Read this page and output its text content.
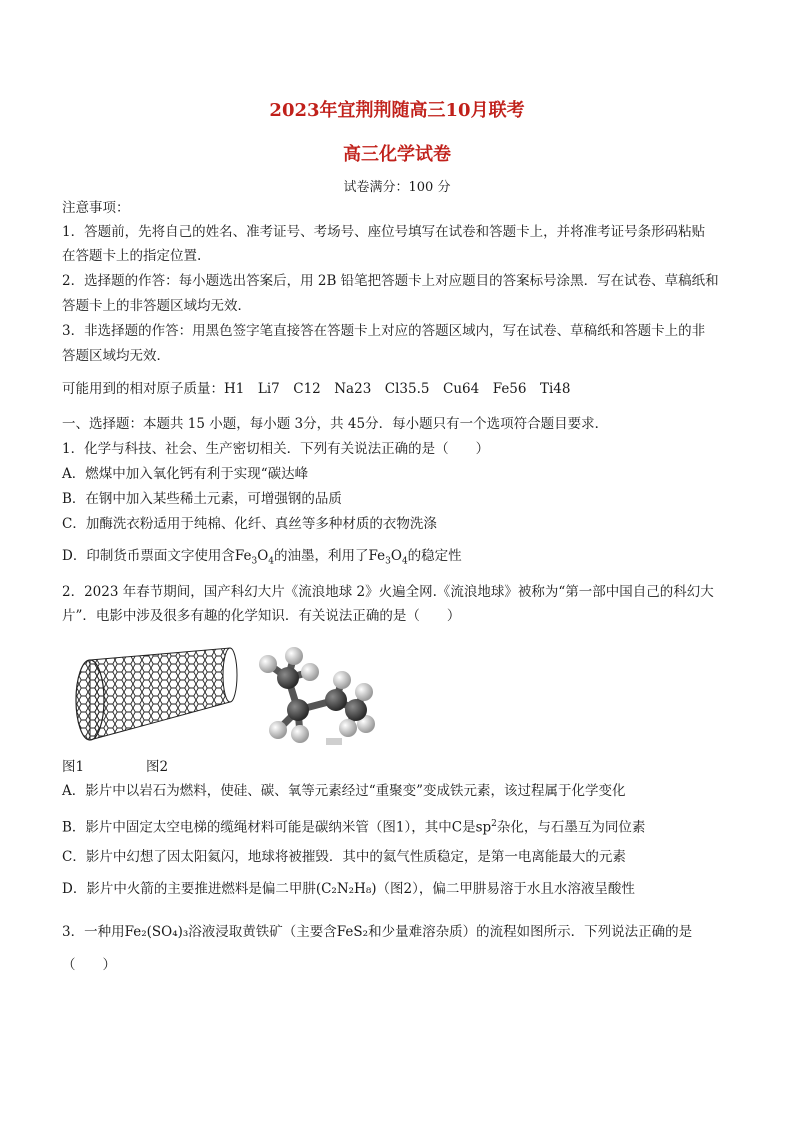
2023年宜荆荆随高三10月联考
高三化学试卷
试卷满分：100 分
注意事项：
1．答题前，先将自己的姓名、准考证号、考场号、座位号填写在试卷和答题卡上，并将准考证号条形码粘贴
在答题卡上的指定位置.
2．选择题的作答：每小题选出答案后，用 2B 铅笔把答题卡上对应题目的答案标号涂黑．写在试卷、草稿纸和
答题卡上的非答题区域均无效．
3．非选择题的作答：用黑色签字笔直接答在答题卡上对应的答题区域内，写在试卷、草稿纸和答题卡上的非
答题区域均无效．
可能用到的相对原子质量：H1　Li7　C12　Na23　Cl35.5　Cu64　Fe56　Ti48
一、选择题：本题共 15 小题，每小题 3分，共 45分．每小题只有一个选项符合题目要求．
1．化学与科技、社会、生产密切相关．下列有关说法正确的是（　　）
A．燃煤中加入氧化钙有利于实现“碳达峰
B．在钢中加入某些稀土元素，可增强钢的品质
C．加酶洗衣粉适用于纯棉、化纤、真丝等多种材质的衣物洗涤
D．印制货币票面文字使用含$Fe_3O_4$的油墨，利用了$Fe_3O_4$的稳定性
2．2023 年春节期间，国产科幻大片《流浪地球 2》火遍全网.《流浪地球》被称为“第一部中国自己的科幻大
片”．电影中涉及很多有趣的化学知识．有关说法正确的是（　　）
图1	图2
A．影片中以岩石为燃料，使硅、碳、氧等元素经过“重聚变”变成铁元素，该过程属于化学变化
B．影片中固定太空电梯的缆绳材料可能是碳纳米管（图1），其中C是$sp^2$杂化，与石墨互为同位素
C．影片中幻想了因太阳氦闪，地球将被摧毁．其中的氦气性质稳定，是第一电离能最大的元素
D．影片中火箭的主要推进燃料是偏二甲肼(C₂N₂H₈)（图2），偏二甲肼易溶于水且水溶液呈酸性
3．一种用Fe₂(SO₄)₃浴液浸取黄铁矿（主要含FeS₂和少量难溶杂质）的流程如图所示．下列说法正确的是
（　　）
